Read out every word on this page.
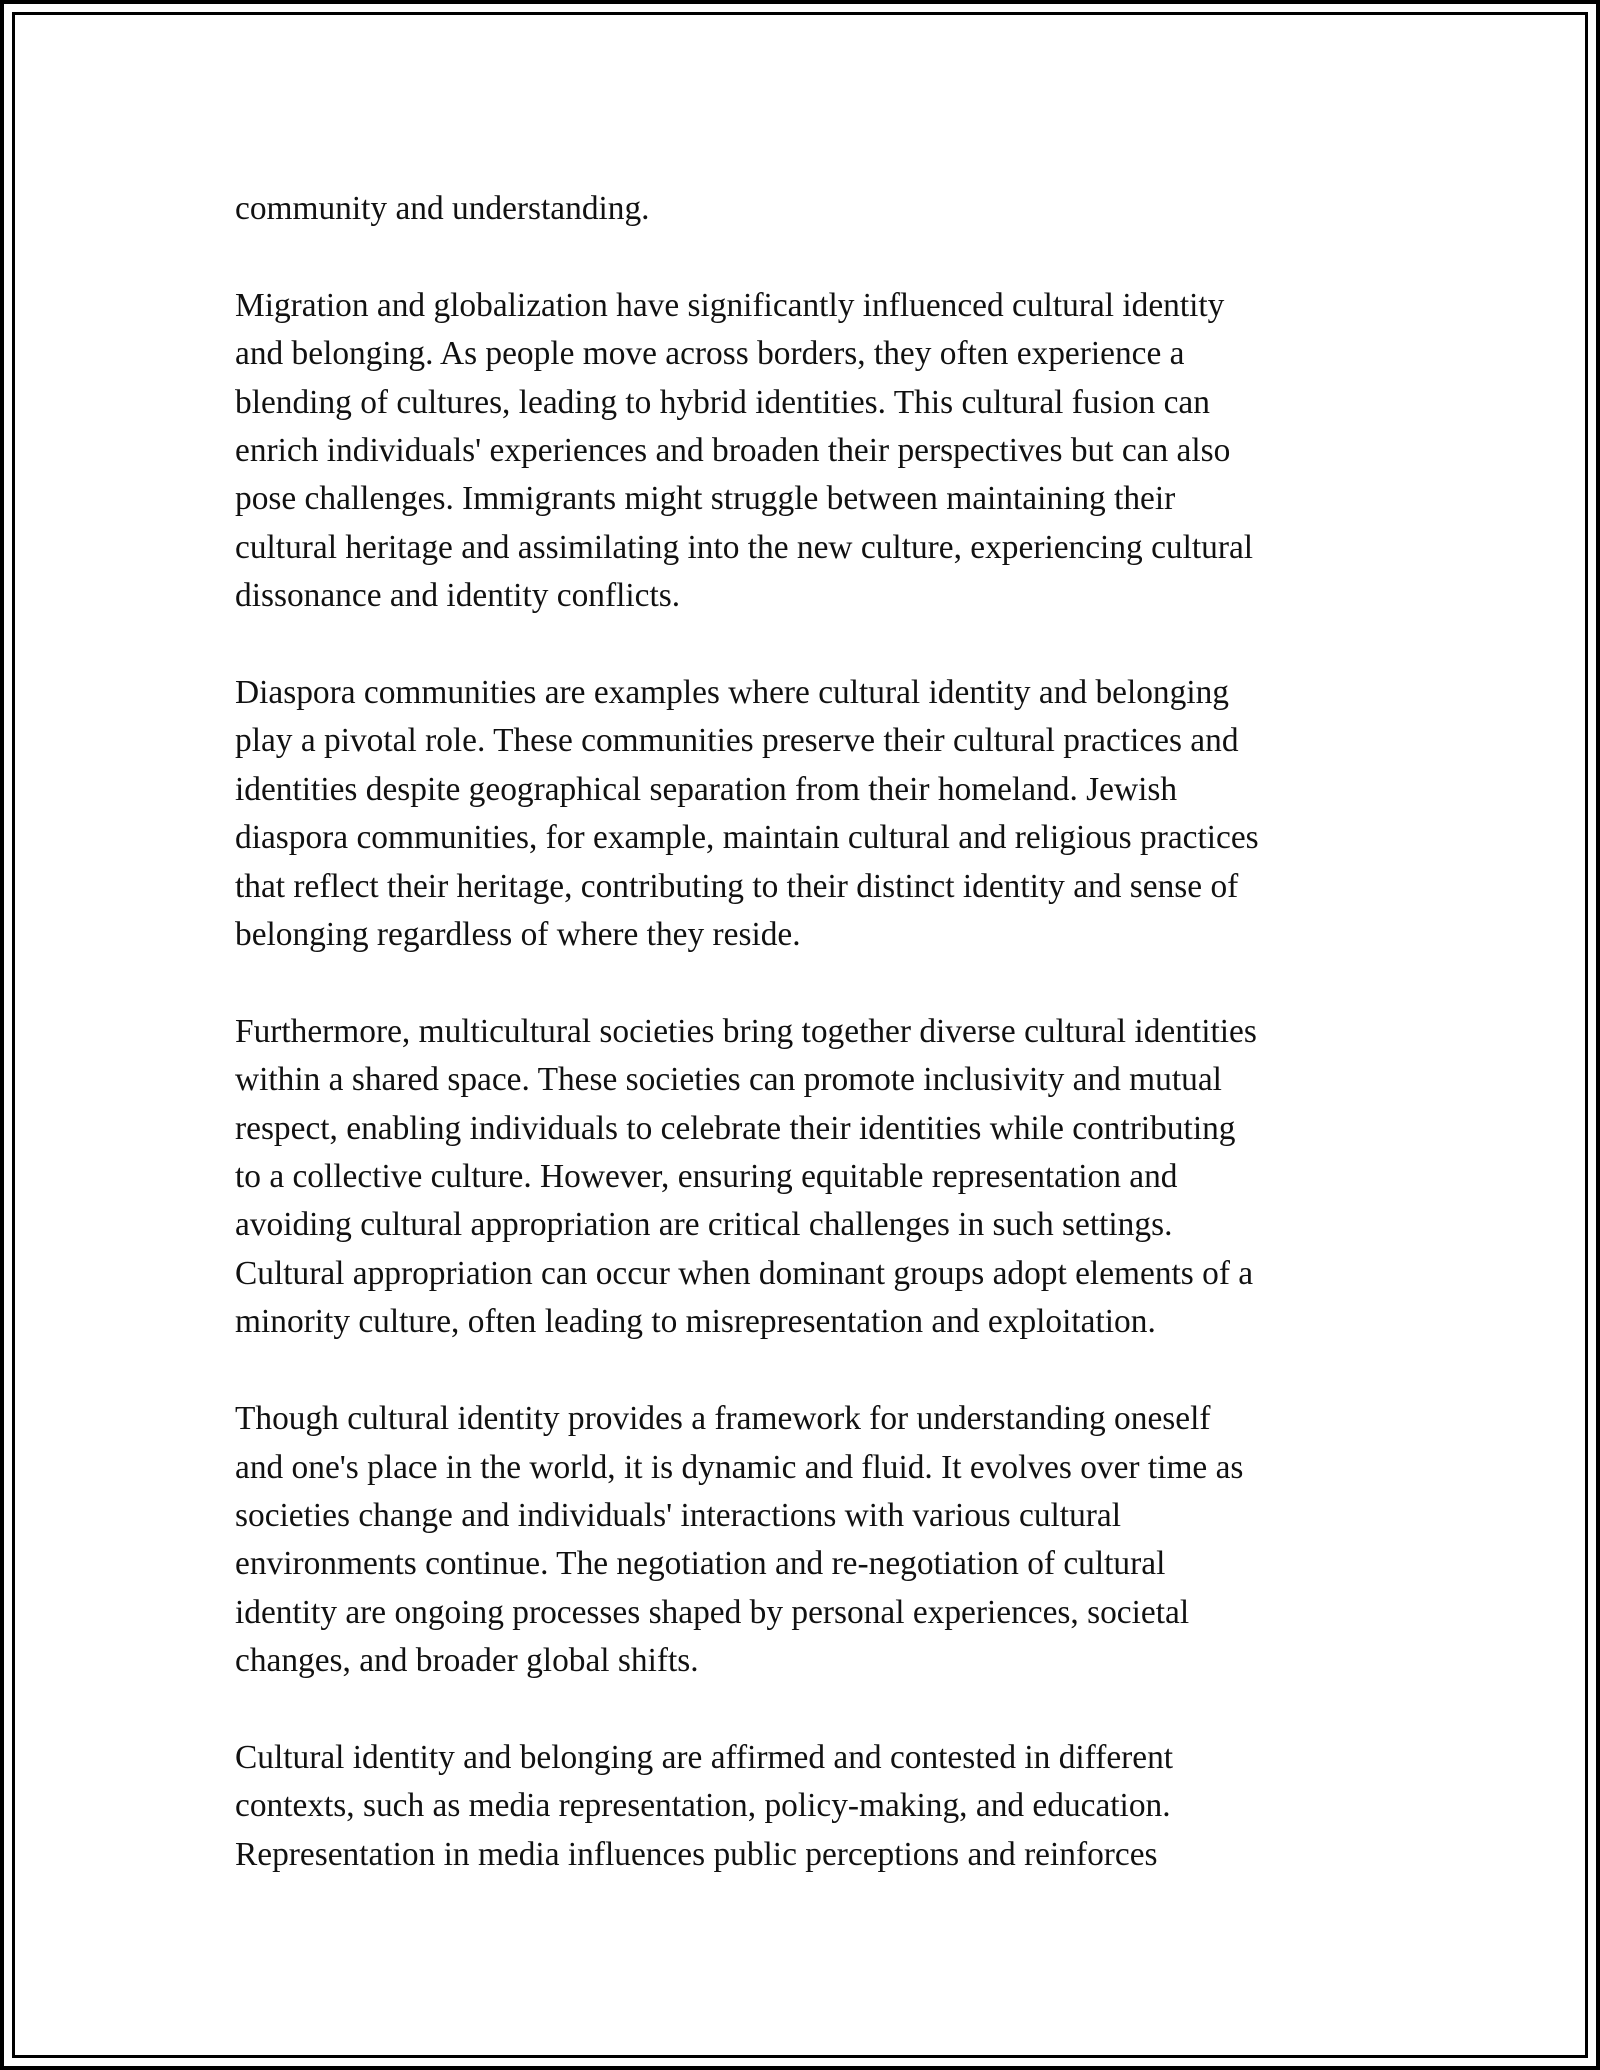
community and understanding.

Migration and globalization have significantly influenced cultural identity
and belonging. As people move across borders, they often experience a
blending of cultures, leading to hybrid identities. This cultural fusion can
enrich individuals' experiences and broaden their perspectives but can also
pose challenges. Immigrants might struggle between maintaining their
cultural heritage and assimilating into the new culture, experiencing cultural
dissonance and identity conflicts.

Diaspora communities are examples where cultural identity and belonging
play a pivotal role. These communities preserve their cultural practices and
identities despite geographical separation from their homeland. Jewish
diaspora communities, for example, maintain cultural and religious practices
that reflect their heritage, contributing to their distinct identity and sense of
belonging regardless of where they reside.

Furthermore, multicultural societies bring together diverse cultural identities
within a shared space. These societies can promote inclusivity and mutual
respect, enabling individuals to celebrate their identities while contributing
to a collective culture. However, ensuring equitable representation and
avoiding cultural appropriation are critical challenges in such settings.
Cultural appropriation can occur when dominant groups adopt elements of a
minority culture, often leading to misrepresentation and exploitation.

Though cultural identity provides a framework for understanding oneself
and one's place in the world, it is dynamic and fluid. It evolves over time as
societies change and individuals' interactions with various cultural
environments continue. The negotiation and re-negotiation of cultural
identity are ongoing processes shaped by personal experiences, societal
changes, and broader global shifts.

Cultural identity and belonging are affirmed and contested in different
contexts, such as media representation, policy-making, and education.
Representation in media influences public perceptions and reinforces
